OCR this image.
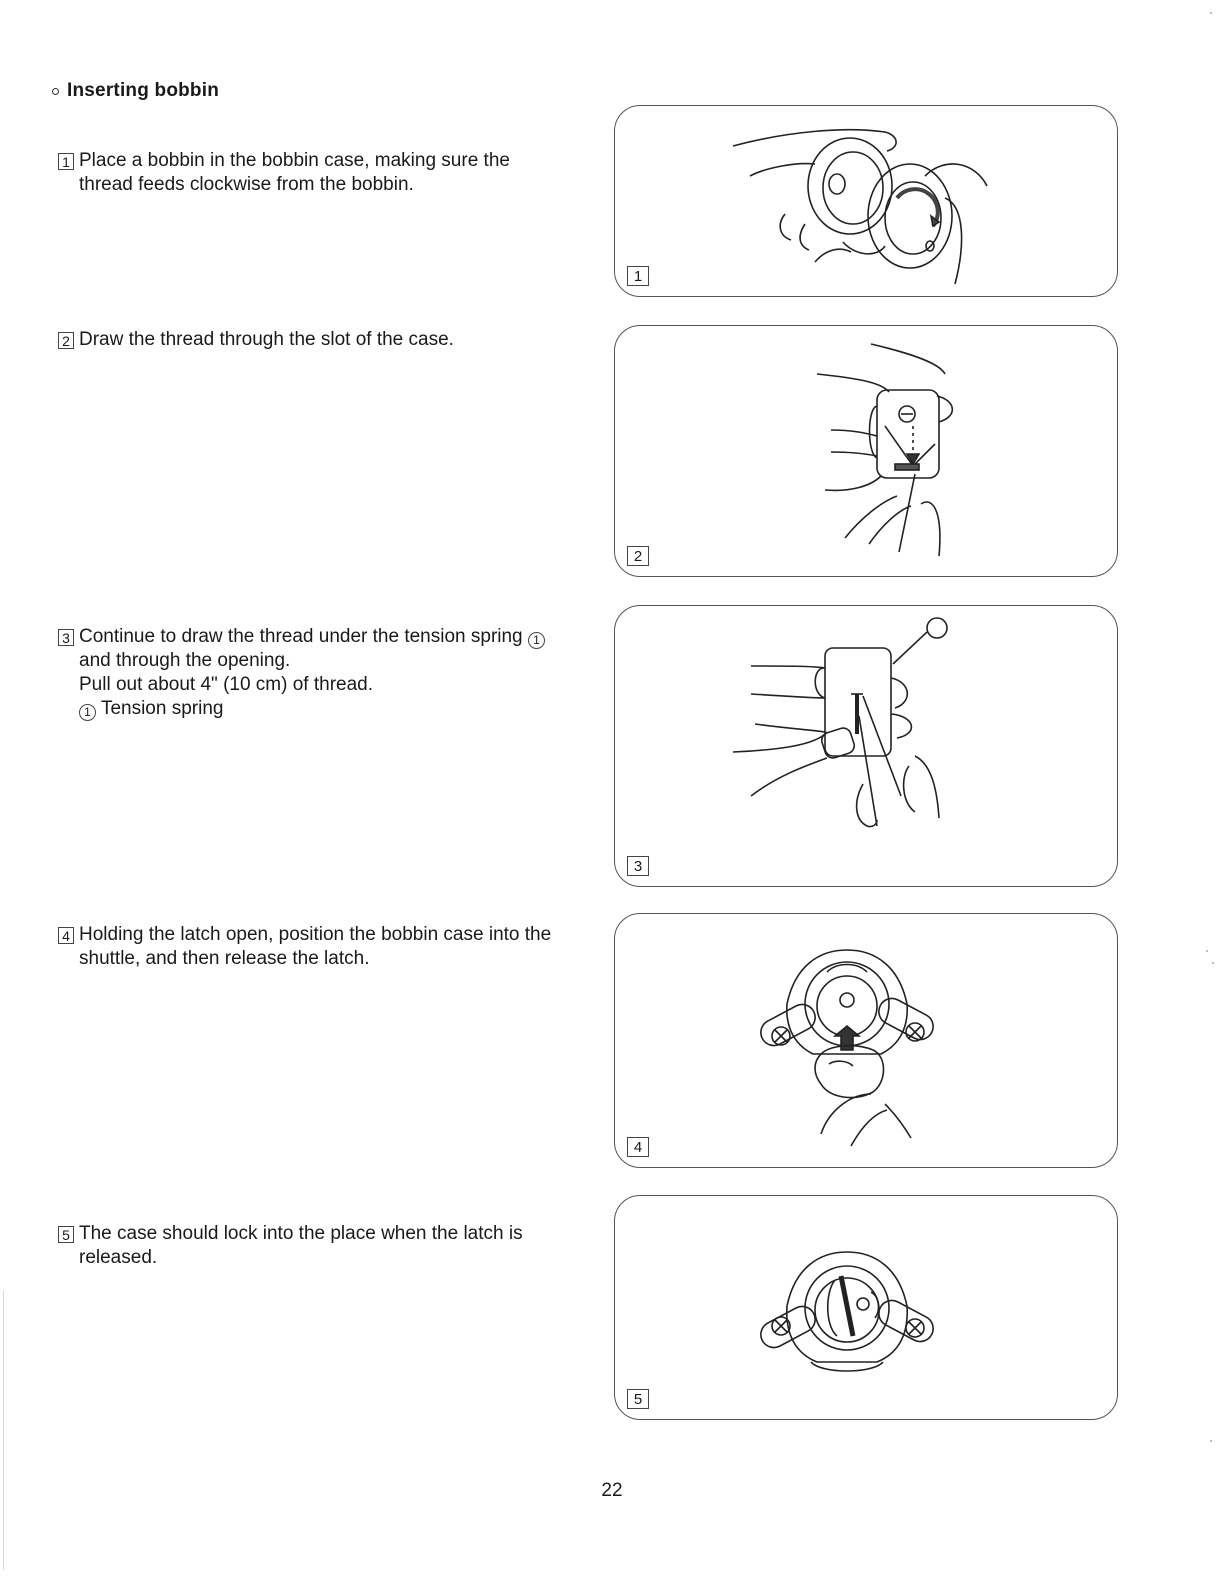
Inserting bobbin
1 Place a bobbin in the bobbin case, making sure the
thread feeds clockwise from the bobbin.
2 Draw the thread through the slot of the case.
3 Continue to draw the thread under the tension spring 1
and through the opening.
Pull out about 4" (10 cm) of thread.
1 Tension spring
4 Holding the latch open, position the bobbin case into the
shuttle, and then release the latch.
5 The case should lock into the place when the latch is
released.
1
2
3
4
5
22
